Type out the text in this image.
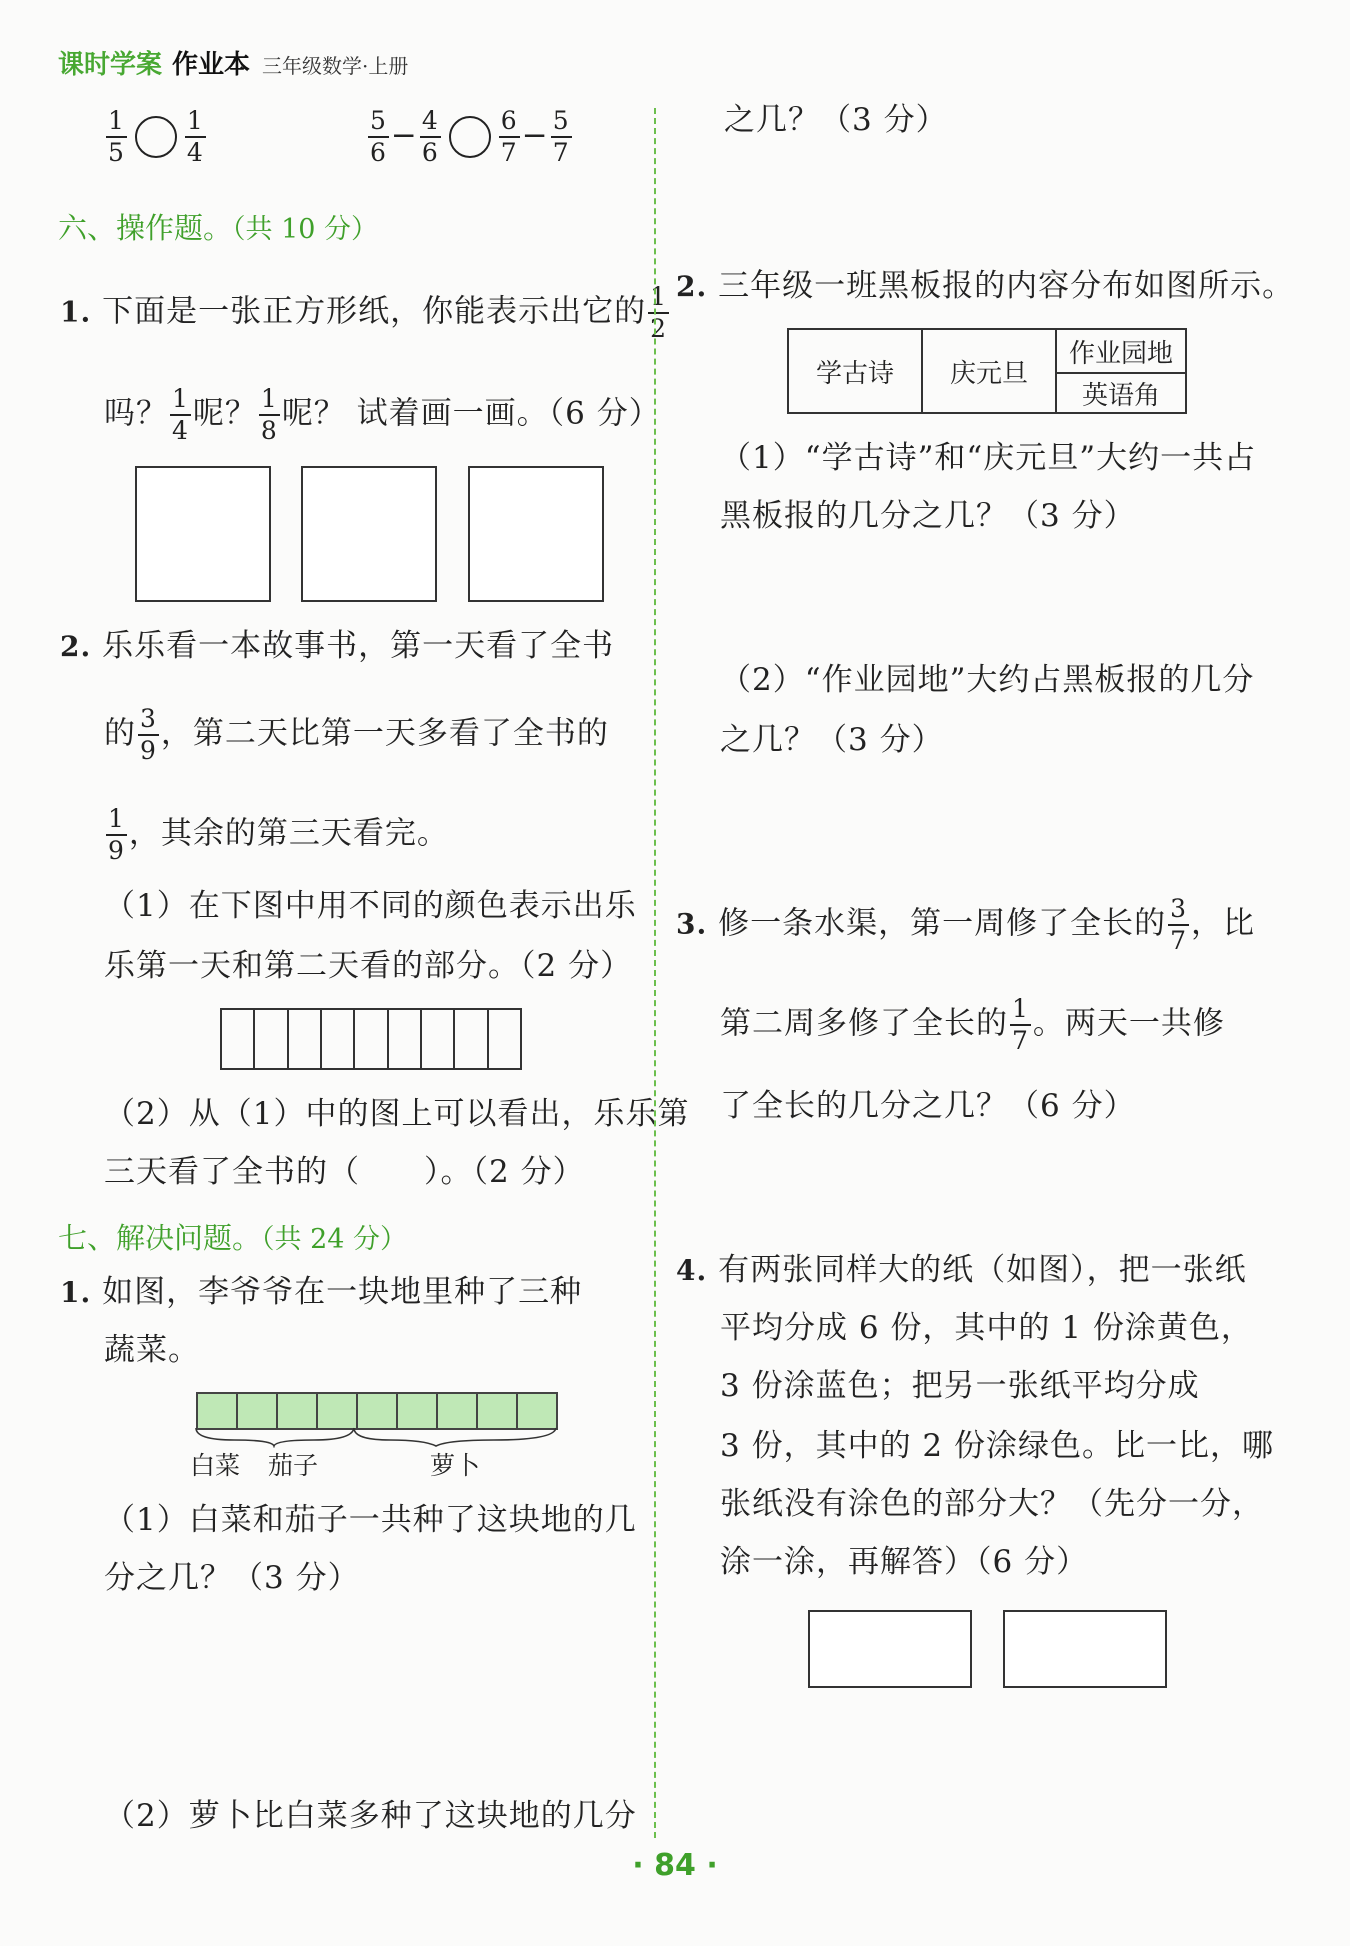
课时学案 作业本 三年级数学·上册
$\frac{1}{5} \frac{1}{4}$	$\frac{5}{6} - \frac{4}{6} \frac{6}{7} - \frac{5}{7}$
六、操作题。（共 10 分）
1. 下面是一张正方形纸，你能表示出它的 $\frac{1}{2}$
吗？ $\frac{1}{4}$ 呢？ $\frac{1}{8}$ 呢？ 试着画一画。（6 分）
2. 乐乐看一本故事书，第一天看了全书
的 $\frac{3}{9}$ ，第二天比第一天多看了全书的
$\frac{1}{9}$ ，其余的第三天看完。
（1）在下图中用不同的颜色表示出乐
乐第一天和第二天看的部分。（2 分）
（2）从（1）中的图上可以看出，乐乐第
三天看了全书的（　　）。（2 分）
七、解决问题。（共 24 分）
1. 如图，李爷爷在一块地里种了三种
蔬菜。
白菜 茄子	萝卜
（1）白菜和茄子一共种了这块地的几
分之几？（3 分）
（2）萝卜比白菜多种了这块地的几分
之几？（3 分）
2. 三年级一班黑板报的内容分布如图所示。
学古诗	庆元旦	作业园地
英语角
（1）“学古诗”和“庆元旦”大约一共占
黑板报的几分之几？（3 分）
（2）“作业园地”大约占黑板报的几分
之几？（3 分）
3. 修一条水渠，第一周修了全长的 $\frac{3}{7}$ ，比
第二周多修了全长的 $\frac{1}{7}$ 。两天一共修
了全长的几分之几？（6 分）
4. 有两张同样大的纸（如图），把一张纸
平均分成 6 份，其中的 1 份涂黄色，
3 份涂蓝色；把另一张纸平均分成
3 份，其中的 2 份涂绿色。比一比，哪
张纸没有涂色的部分大？（先分一分，
涂一涂，再解答）（6 分）
· 84 ·
